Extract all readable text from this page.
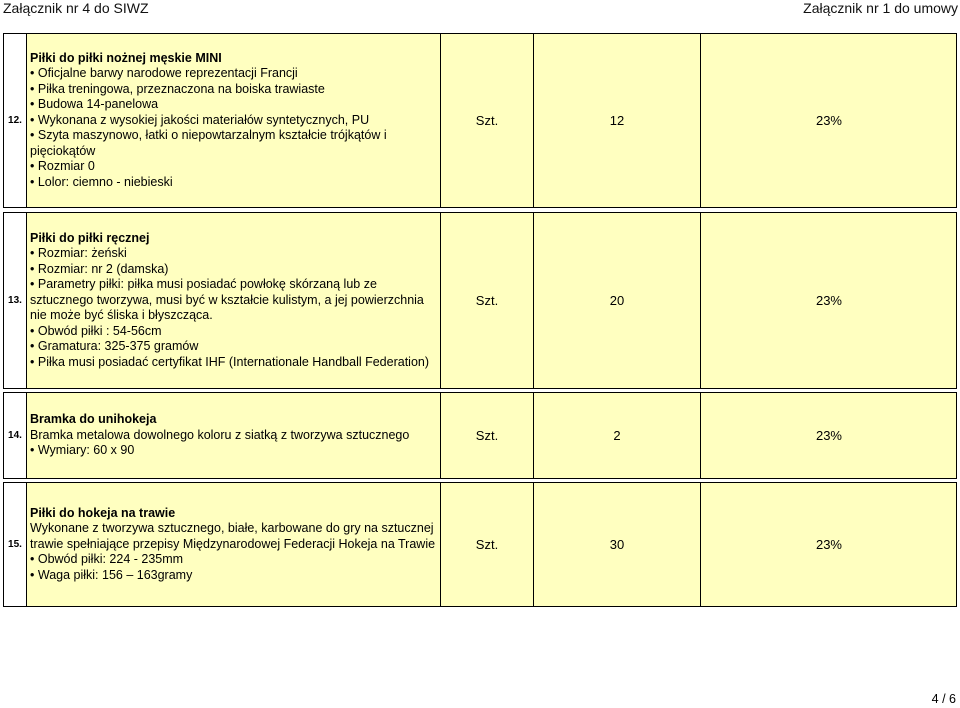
Załącznik nr 4 do SIWZ	Załącznik nr 1 do umowy
12.
Piłki do piłki nożnej męskie MINI
• Oficjalne barwy narodowe reprezentacji Francji
• Piłka treningowa, przeznaczona na boiska trawiaste
• Budowa 14-panelowa
• Wykonana z wysokiej jakości materiałów syntetycznych, PU
• Szyta maszynowo, łatki o niepowtarzalnym kształcie trójkątów i
pięciokątów
• Rozmiar 0
• Lolor: ciemno - niebieski
Szt.	12	23%
13.
Piłki do piłki ręcznej
• Rozmiar: żeński
• Rozmiar: nr 2 (damska)
• Parametry piłki: piłka musi posiadać powłokę skórzaną lub ze
sztucznego tworzywa, musi być w kształcie kulistym, a jej powierzchnia
nie może być śliska i błyszcząca.
• Obwód piłki : 54-56cm
• Gramatura: 325-375 gramów
• Piłka musi posiadać certyfikat IHF (Internationale Handball Federation)
Szt.	20	23%
14.
Bramka do unihokeja
Bramka metalowa dowolnego koloru z siatką z tworzywa sztucznego
• Wymiary: 60 x 90
Szt.	2	23%
15.
Piłki do hokeja na trawie
Wykonane z tworzywa sztucznego, białe, karbowane do gry na sztucznej
trawie spełniające przepisy Międzynarodowej Federacji Hokeja na Trawie
• Obwód piłki: 224 - 235mm
• Waga piłki: 156 – 163gramy
Szt.	30	23%
4 / 6
